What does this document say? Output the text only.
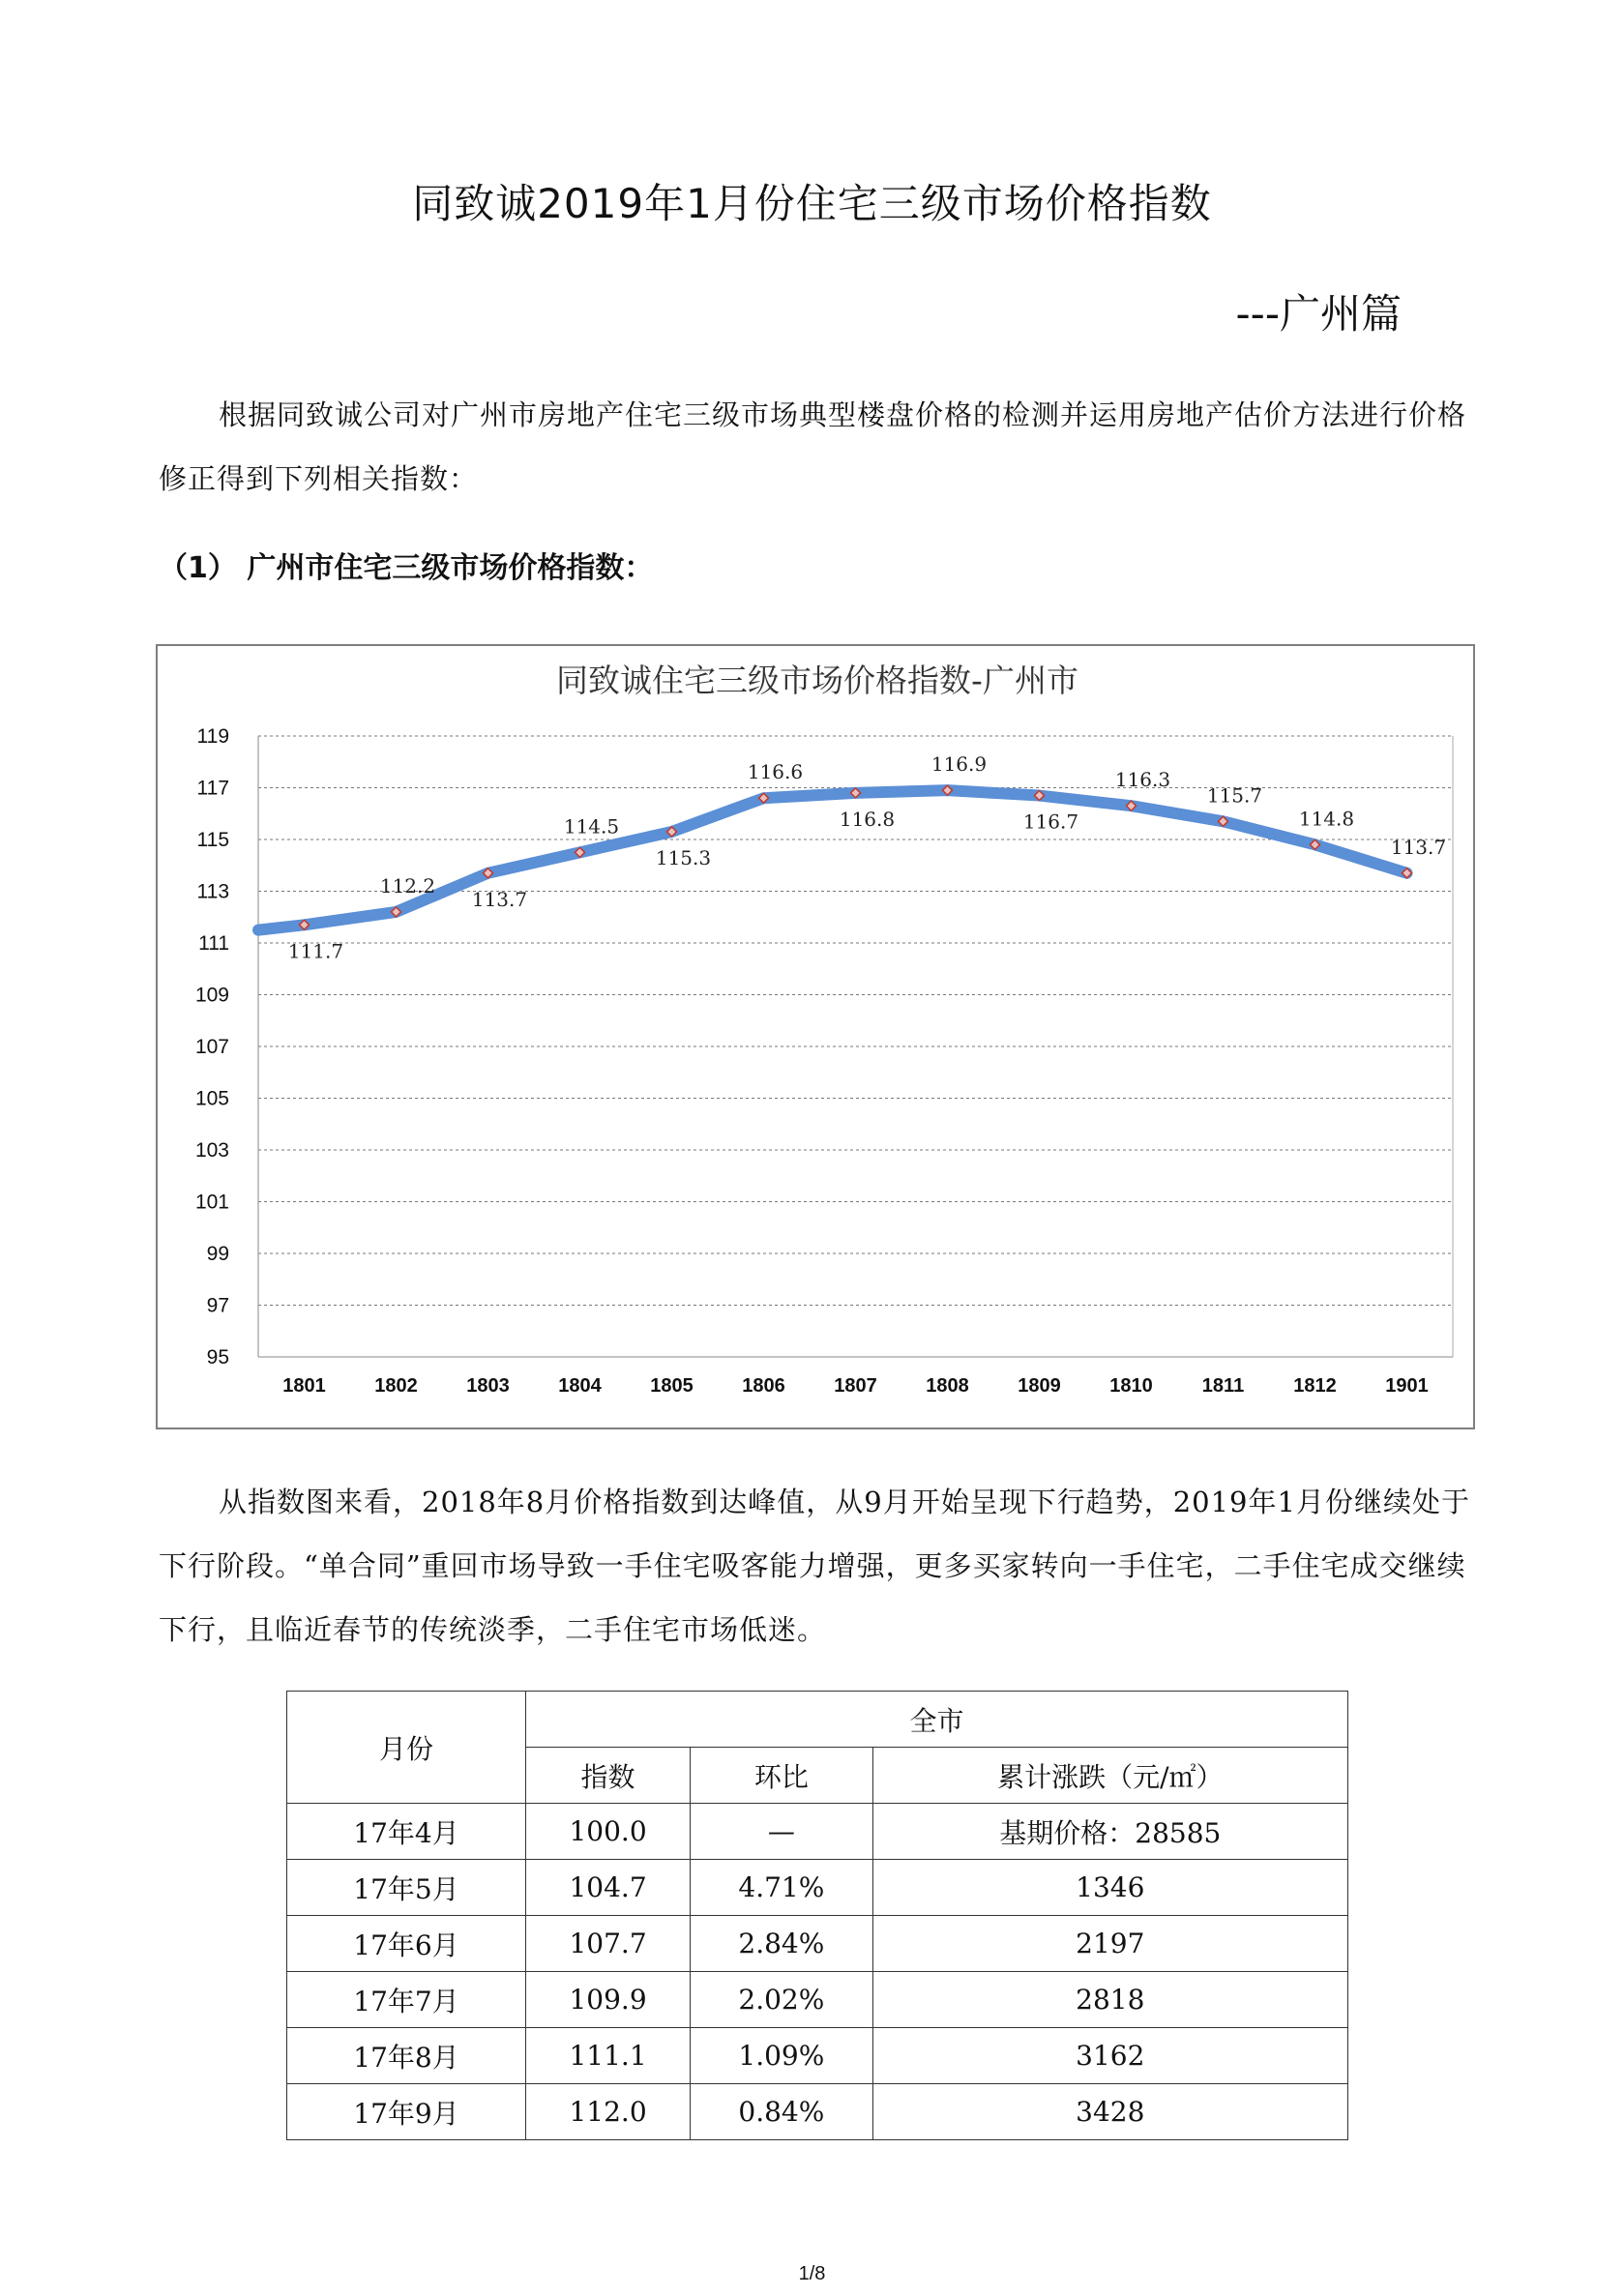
同致诚2019年1月份住宅三级市场价格指数
---广州篇
根据同致诚公司对广州市房地产住宅三级市场典型楼盘价格的检测并运用房地产估价方法进行价格修正得到下列相关指数：
（1） 广州市住宅三级市场价格指数：
同致诚住宅三级市场价格指数-广州市
95
97
99
101
103
105
107
109
111
113
115
117
119
1801	1802	1803	1804	1805	1806	1807	1808	1809	1810	1811	1812	1901
111.7
112.2
113.7
114.5
115.3
116.6
116.8
116.9
116.7
116.3
115.7
114.8
113.7
从指数图来看，2018年8月价格指数到达峰值，从9月开始呈现下行趋势，2019年1月份继续处于下行阶段。“单合同”重回市场导致一手住宅吸客能力增强，更多买家转向一手住宅，二手住宅成交继续下行，且临近春节的传统淡季，二手住宅市场低迷。
月份	全市		
	指数	环比	累计涨跌（元/㎡）
17年4月	100.0	—	基期价格：28585
17年5月	104.7	4.71%	1346
17年6月	107.7	2.84%	2197
17年7月	109.9	2.02%	2818
17年8月	111.1	1.09%	3162
17年9月	112.0	0.84%	3428
1/8
